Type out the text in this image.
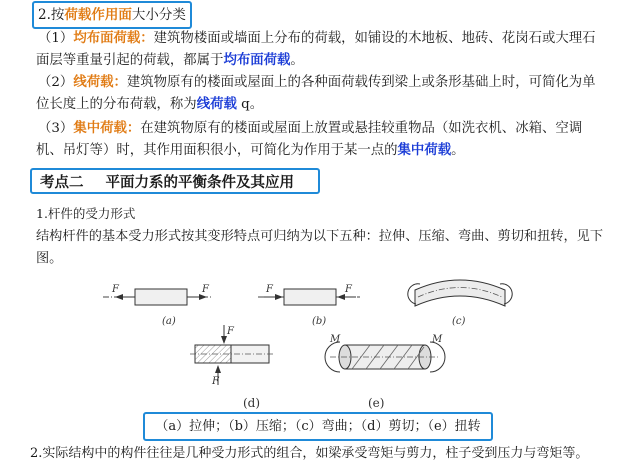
2.按荷载作用面大小分类
（1）均布面荷载：建筑物楼面或墙面上分布的荷载，如铺设的木地板、地砖、花岗石或大理石面层等重量引起的荷载，都属于均布面荷载。
（2）线荷载：建筑物原有的楼面或屋面上的各种面荷载传到梁上或条形基础上时，可简化为单位长度上的分布荷载，称为线荷载 q。
（3）集中荷载：在建筑物原有的楼面或屋面上放置或悬挂较重物品（如洗衣机、冰箱、空调机、吊灯等）时，其作用面积很小，可简化为作用于某一点的集中荷载。
考点二 平面力系的平衡条件及其应用
1.杆件的受力形式
结构杆件的基本受力形式按其变形特点可归纳为以下五种：拉伸、压缩、弯曲、剪切和扭转，见下图。
F	F	F	F
F
F
M	M
(a)	(b)	(c)
(d)	(e)
（a）拉伸；（b）压缩；（c）弯曲；（d）剪切；（e）扭转
2.实际结构中的构件往往是几种受力形式的组合，如梁承受弯矩与剪力，柱子受到压力与弯矩等。
